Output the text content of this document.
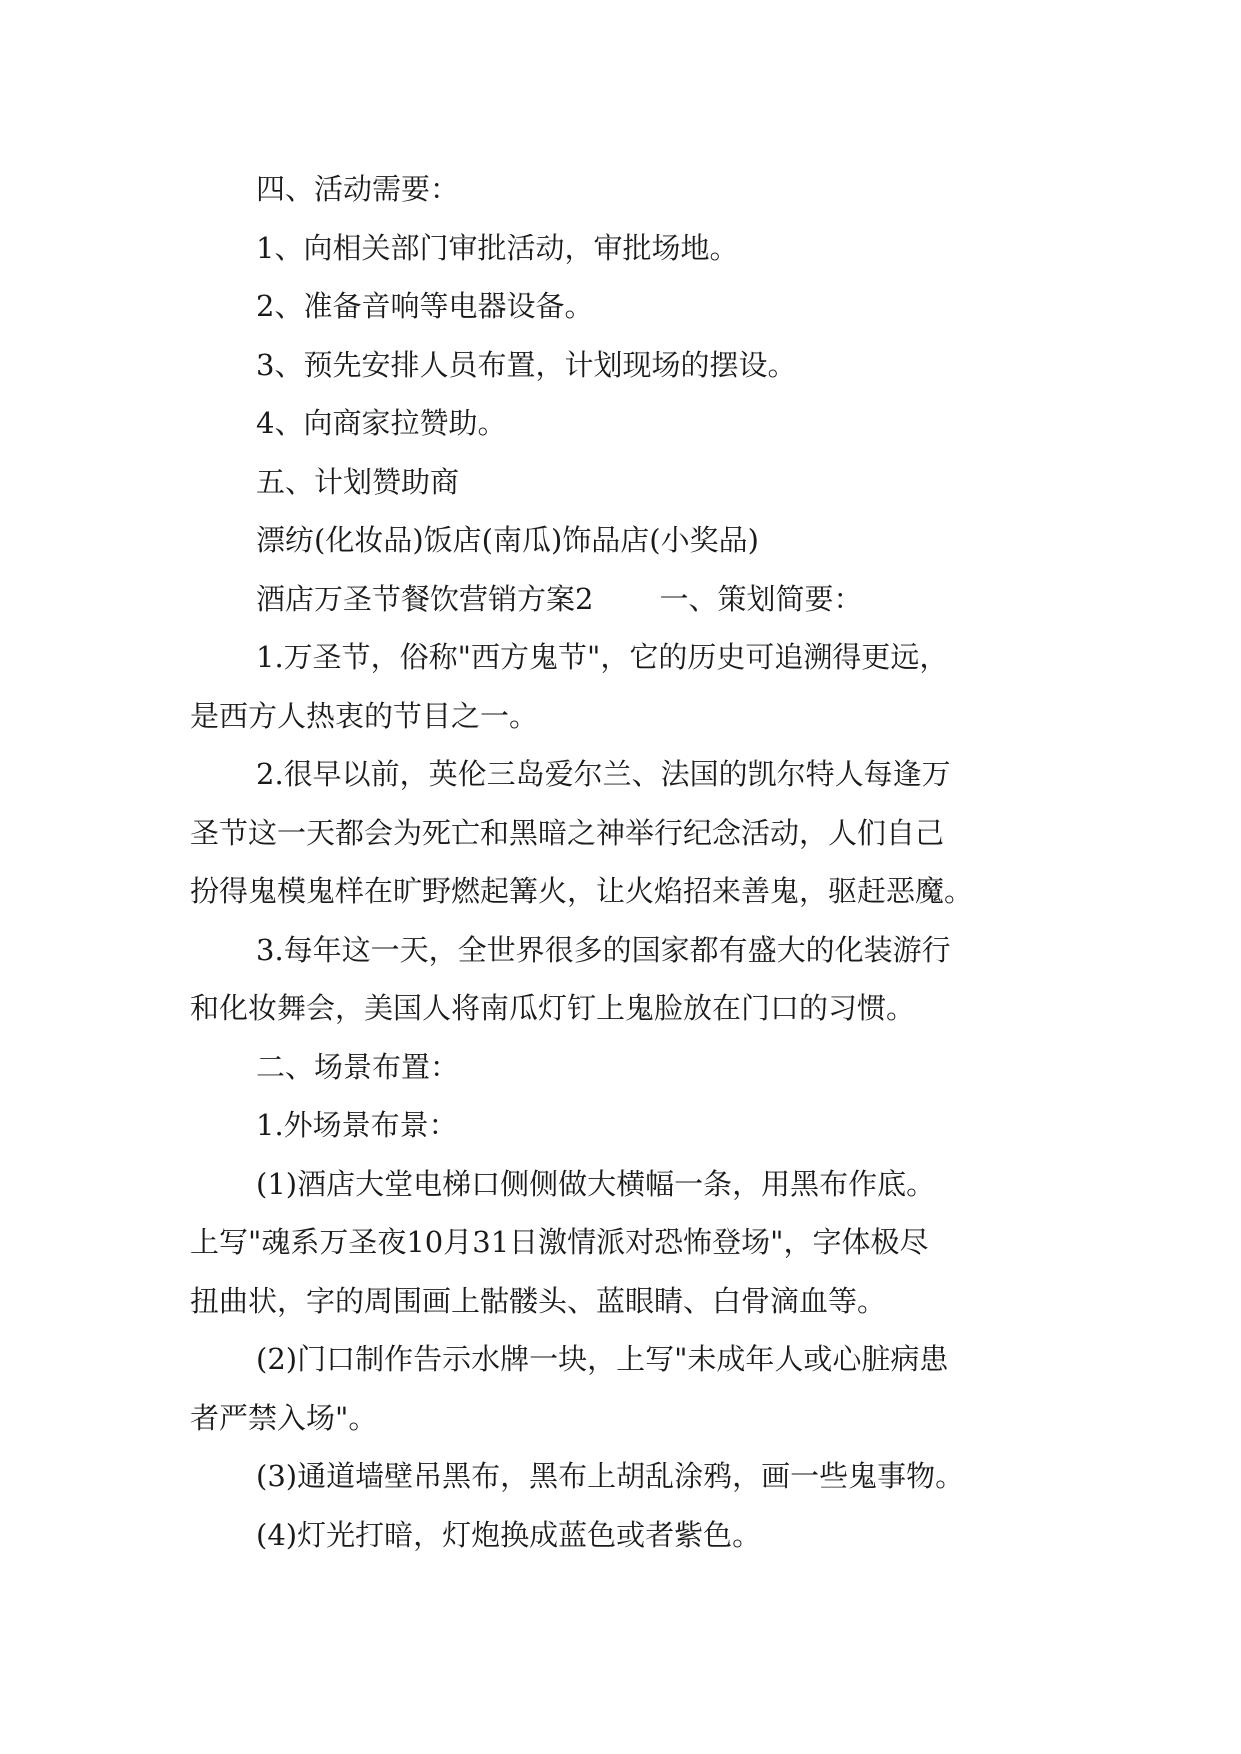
四、活动需要：

1、向相关部门审批活动，审批场地。

2、准备音响等电器设备。

3、预先安排人员布置，计划现场的摆设。

4、向商家拉赞助。

五、计划赞助商

漂纺(化妆品)饭店(南瓜)饰品店(小奖品)

酒店万圣节餐饮营销方案2 一、策划简要：

1.万圣节，俗称"西方鬼节"，它的历史可追溯得更远，

是西方人热衷的节目之一。

2.很早以前，英伦三岛爱尔兰、法国的凯尔特人每逢万

圣节这一天都会为死亡和黑暗之神举行纪念活动，人们自己

扮得鬼模鬼样在旷野燃起篝火，让火焰招来善鬼，驱赶恶魔。

3.每年这一天，全世界很多的国家都有盛大的化装游行

和化妆舞会，美国人将南瓜灯钉上鬼脸放在门口的习惯。

二、场景布置：

1.外场景布景：

(1)酒店大堂电梯口侧侧做大横幅一条，用黑布作底。

上写"魂系万圣夜10月31日激情派对恐怖登场"，字体极尽

扭曲状，字的周围画上骷髅头、蓝眼睛、白骨滴血等。

(2)门口制作告示水牌一块，上写"未成年人或心脏病患

者严禁入场"。

(3)通道墙壁吊黑布，黑布上胡乱涂鸦，画一些鬼事物。

(4)灯光打暗，灯炮换成蓝色或者紫色。
